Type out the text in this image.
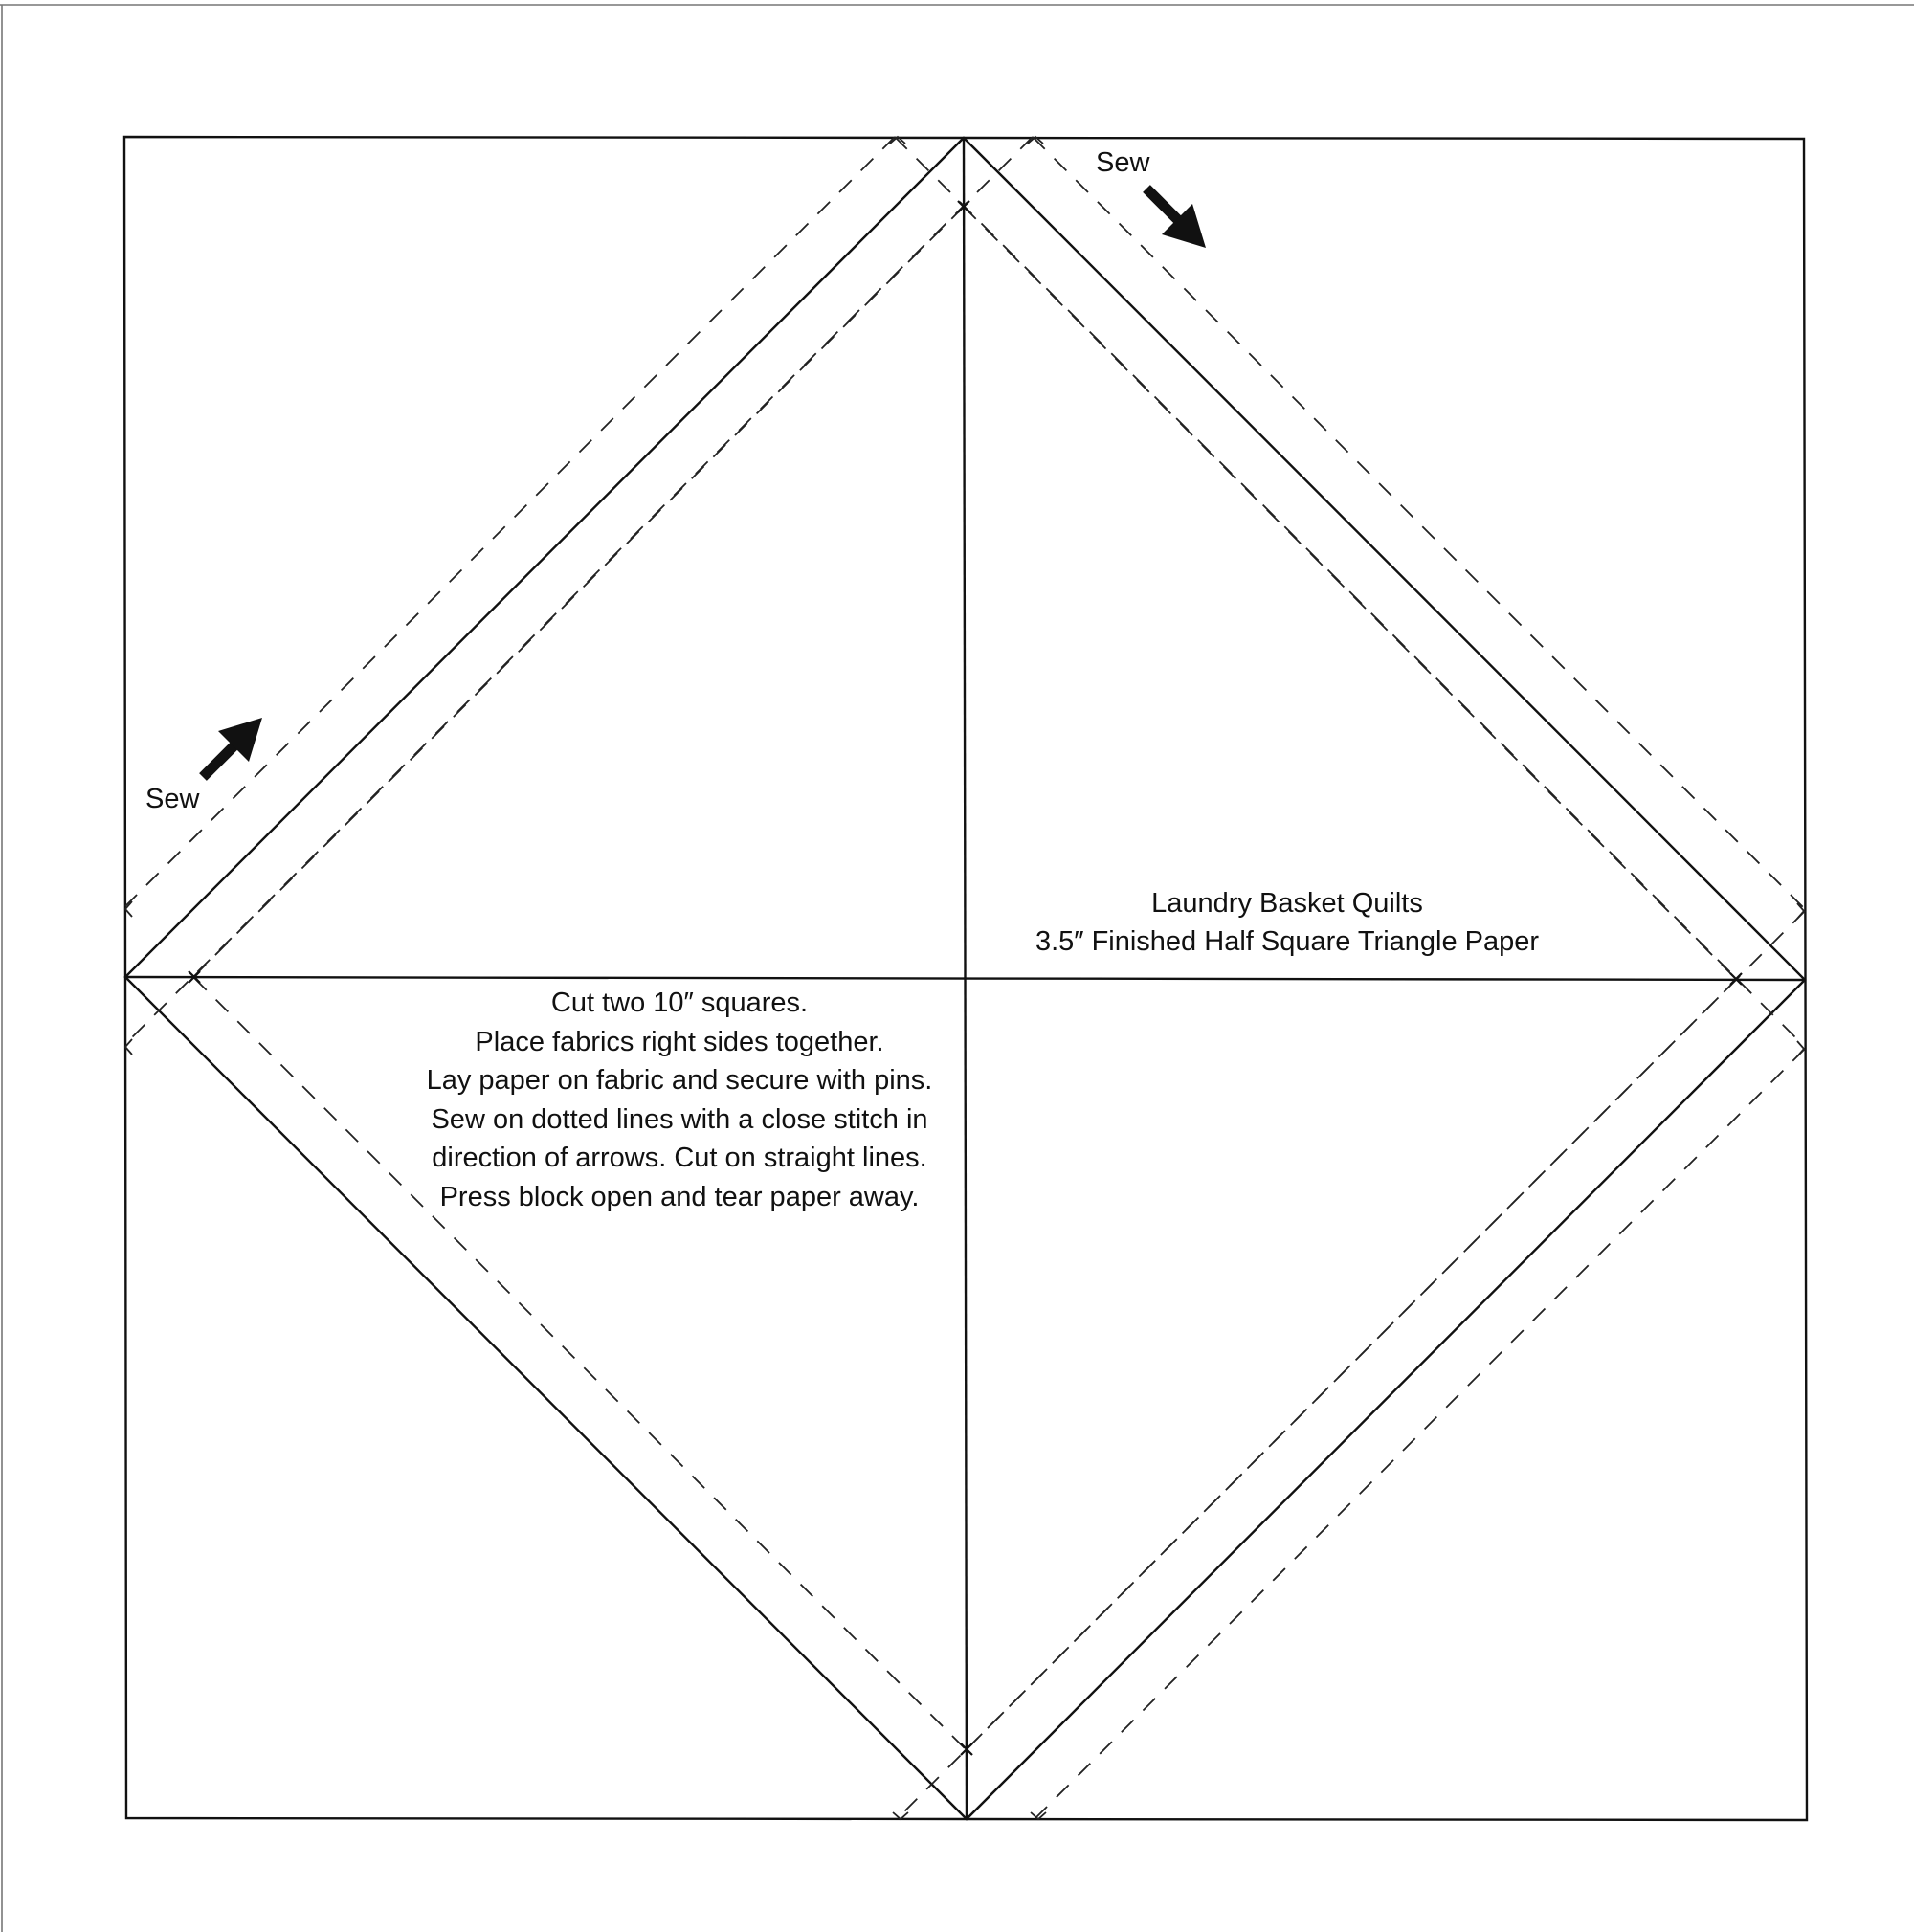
Sew
Sew
Laundry Basket Quilts
3.5″ Finished Half Square Triangle Paper
Cut two 10″ squares.
Place fabrics right sides together.
Lay paper on fabric and secure with pins.
Sew on dotted lines with a close stitch in
direction of arrows. Cut on straight lines.
Press block open and tear paper away.
